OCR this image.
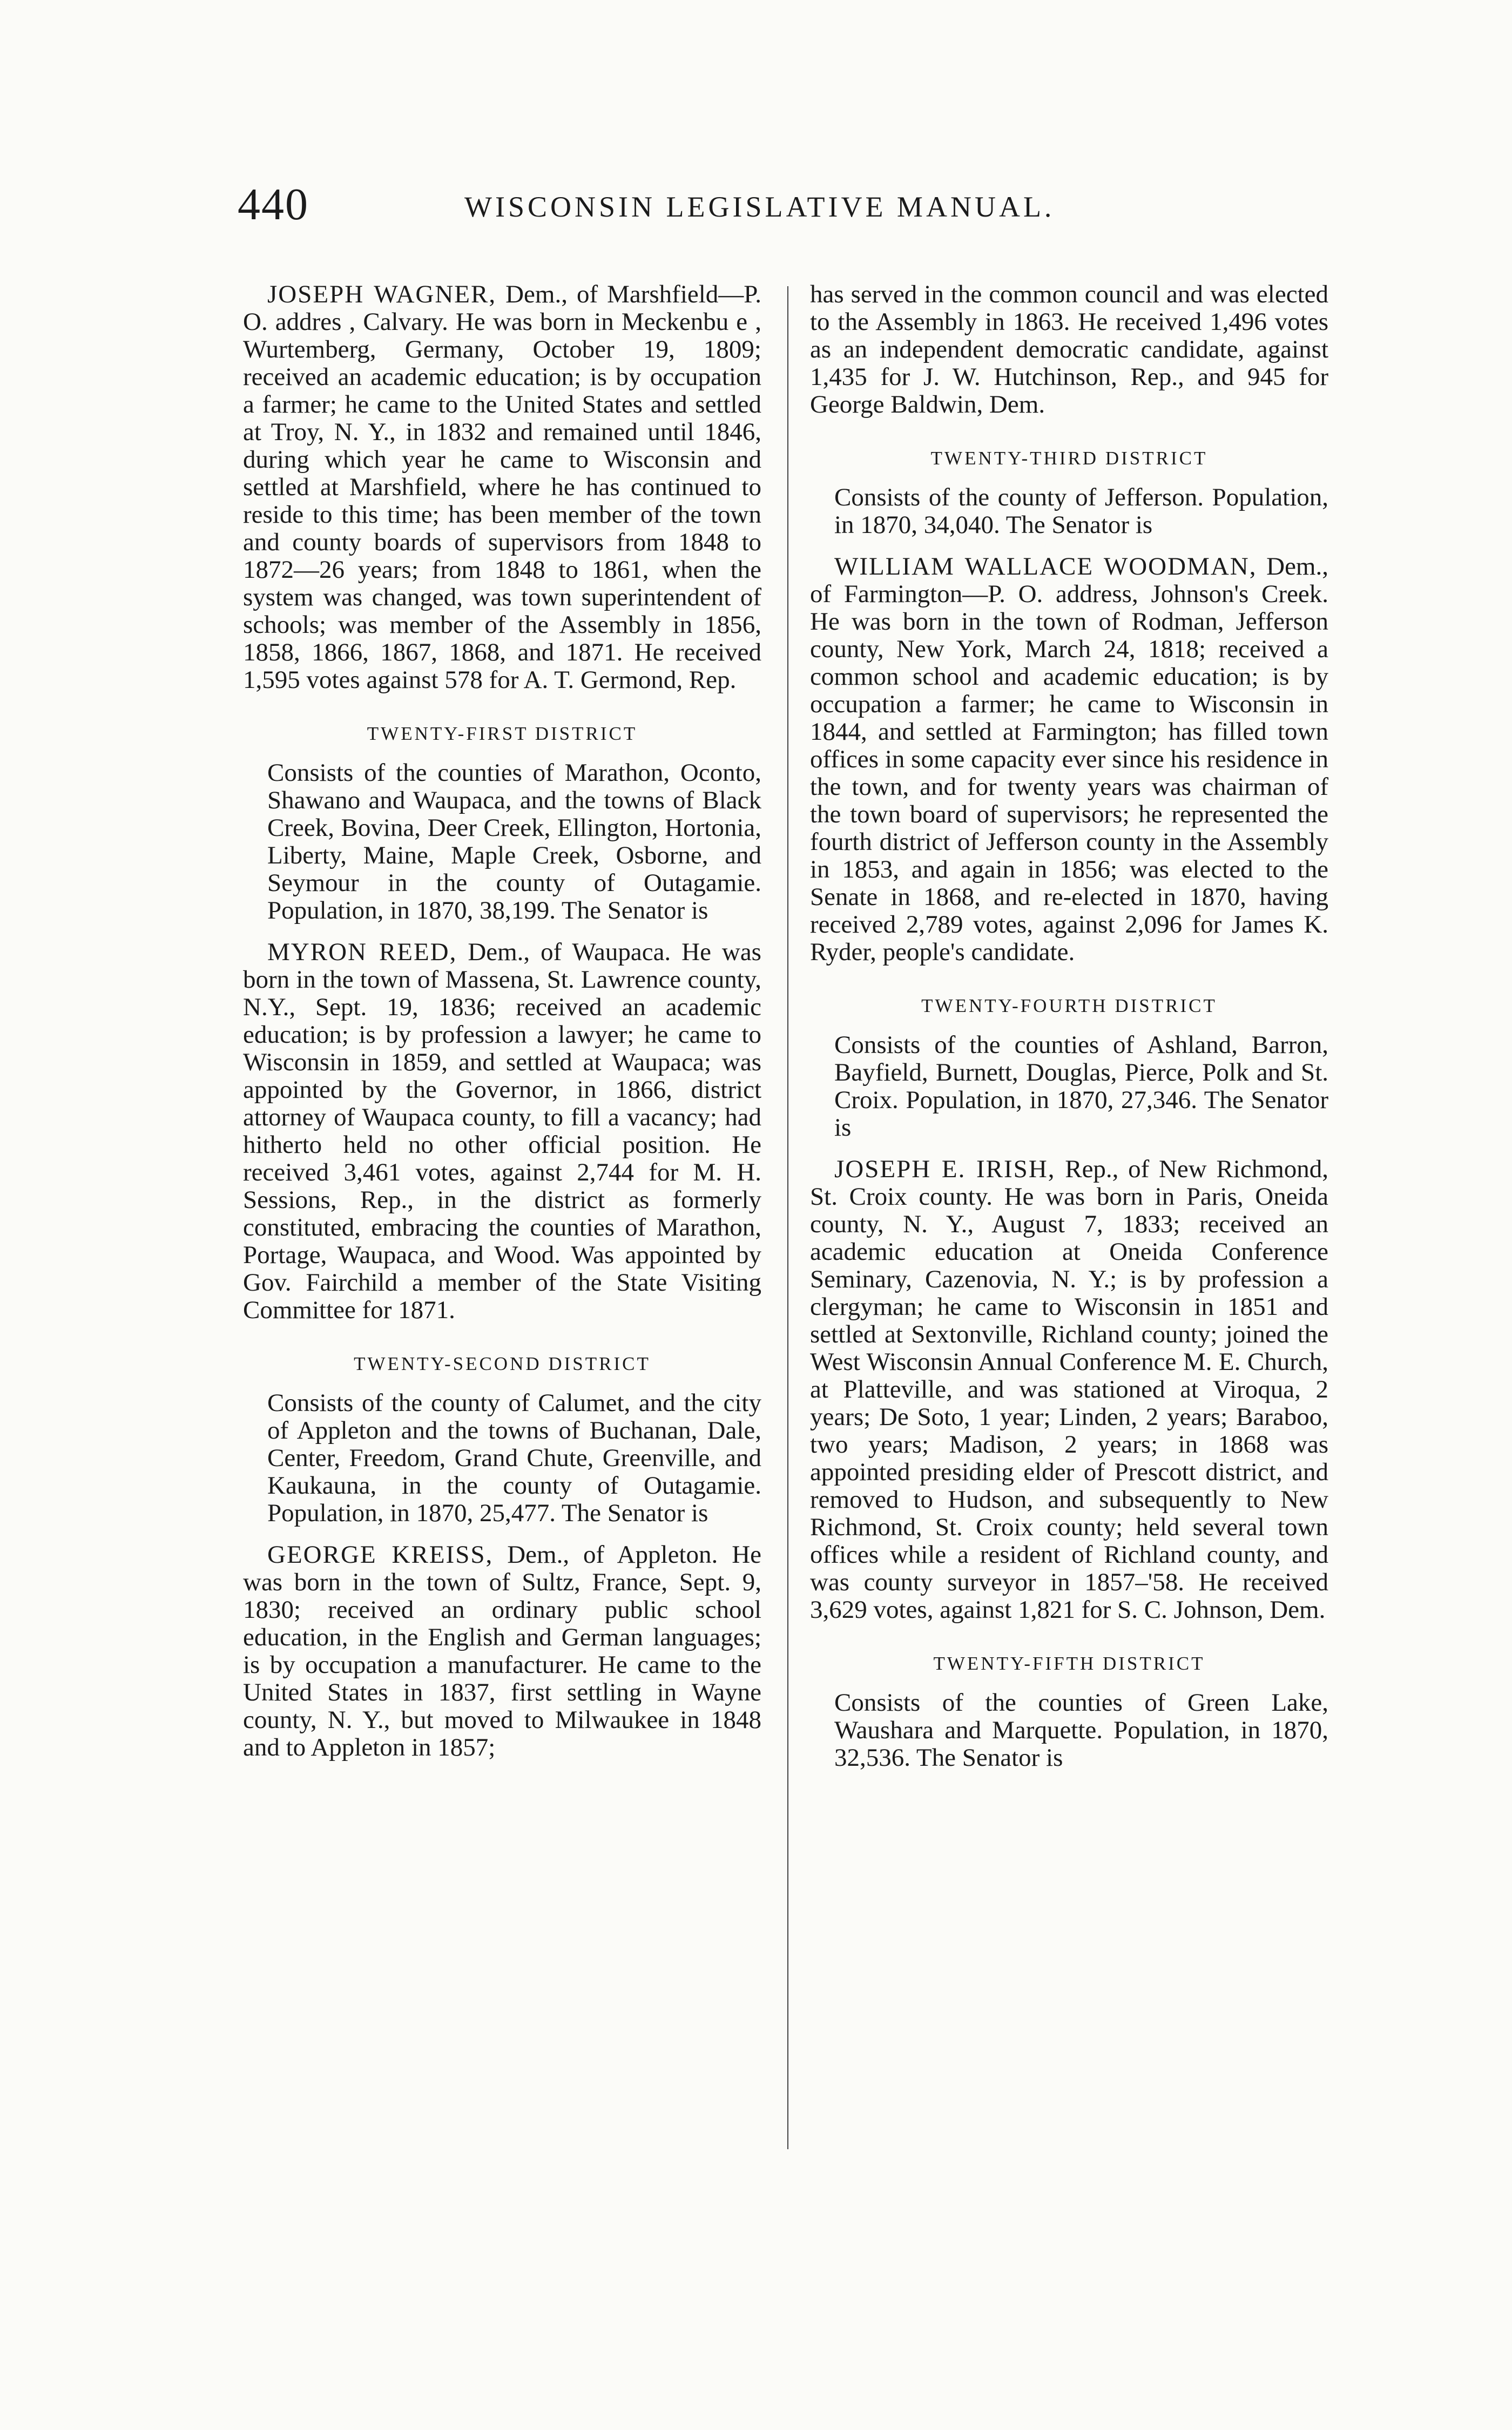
440	WISCONSIN LEGISLATIVE MANUAL.

JOSEPH WAGNER, Dem., of Marshfield—P. O. addres , Calvary. He was born in Meckenbu e , Wurtemberg, Germany, October 19, 1809; received an academic education; is by occupation a farmer; he came to the United States and settled at Troy, N. Y., in 1832 and remained until 1846, during which year he came to Wisconsin and settled at Marshfield, where he has continued to reside to this time; has been member of the town and county boards of supervisors from 1848 to 1872—26 years; from 1848 to 1861, when the system was changed, was town superintendent of schools; was member of the Assembly in 1856, 1858, 1866, 1867, 1868, and 1871. He received 1,595 votes against 578 for A. T. Germond, Rep.

TWENTY-FIRST DISTRICT

Consists of the counties of Marathon, Oconto, Shawano and Waupaca, and the towns of Black Creek, Bovina, Deer Creek, Ellington, Hortonia, Liberty, Maine, Maple Creek, Osborne, and Seymour in the county of Outagamie. Population, in 1870, 38,199. The Senator is

MYRON REED, Dem., of Waupaca. He was born in the town of Massena, St. Lawrence county, N.Y., Sept. 19, 1836; received an academic education; is by profession a lawyer; he came to Wisconsin in 1859, and settled at Waupaca; was appointed by the Governor, in 1866, district attorney of Waupaca county, to fill a vacancy; had hitherto held no other official position. He received 3,461 votes, against 2,744 for M. H. Sessions, Rep., in the district as formerly constituted, embracing the counties of Marathon, Portage, Waupaca, and Wood. Was appointed by Gov. Fairchild a member of the State Visiting Committee for 1871.

TWENTY-SECOND DISTRICT

Consists of the county of Calumet, and the city of Appleton and the towns of Buchanan, Dale, Center, Freedom, Grand Chute, Greenville, and Kaukauna, in the county of Outagamie. Population, in 1870, 25,477. The Senator is

GEORGE KREISS, Dem., of Appleton. He was born in the town of Sultz, France, Sept. 9, 1830; received an ordinary public school education, in the English and German languages; is by occupation a manufacturer. He came to the United States in 1837, first settling in Wayne county, N. Y., but moved to Milwaukee in 1848 and to Appleton in 1857;

has served in the common council and was elected to the Assembly in 1863. He received 1,496 votes as an independent democratic candidate, against 1,435 for J. W. Hutchinson, Rep., and 945 for George Baldwin, Dem.

TWENTY-THIRD DISTRICT

Consists of the county of Jefferson. Population, in 1870, 34,040. The Senator is

WILLIAM WALLACE WOODMAN, Dem., of Farmington—P. O. address, Johnson's Creek. He was born in the town of Rodman, Jefferson county, New York, March 24, 1818; received a common school and academic education; is by occupation a farmer; he came to Wisconsin in 1844, and settled at Farmington; has filled town offices in some capacity ever since his residence in the town, and for twenty years was chairman of the town board of supervisors; he represented the fourth district of Jefferson county in the Assembly in 1853, and again in 1856; was elected to the Senate in 1868, and re-elected in 1870, having received 2,789 votes, against 2,096 for James K. Ryder, people's candidate.

TWENTY-FOURTH DISTRICT

Consists of the counties of Ashland, Barron, Bayfield, Burnett, Douglas, Pierce, Polk and St. Croix. Population, in 1870, 27,346. The Senator is

JOSEPH E. IRISH, Rep., of New Richmond, St. Croix county. He was born in Paris, Oneida county, N. Y., August 7, 1833; received an academic education at Oneida Conference Seminary, Cazenovia, N. Y.; is by profession a clergyman; he came to Wisconsin in 1851 and settled at Sextonville, Richland county; joined the West Wisconsin Annual Conference M. E. Church, at Platteville, and was stationed at Viroqua, 2 years; De Soto, 1 year; Linden, 2 years; Baraboo, two years; Madison, 2 years; in 1868 was appointed presiding elder of Prescott district, and removed to Hudson, and subsequently to New Richmond, St. Croix county; held several town offices while a resident of Richland county, and was county surveyor in 1857–'58. He received 3,629 votes, against 1,821 for S. C. Johnson, Dem.

TWENTY-FIFTH DISTRICT

Consists of the counties of Green Lake, Waushara and Marquette. Population, in 1870, 32,536. The Senator is
